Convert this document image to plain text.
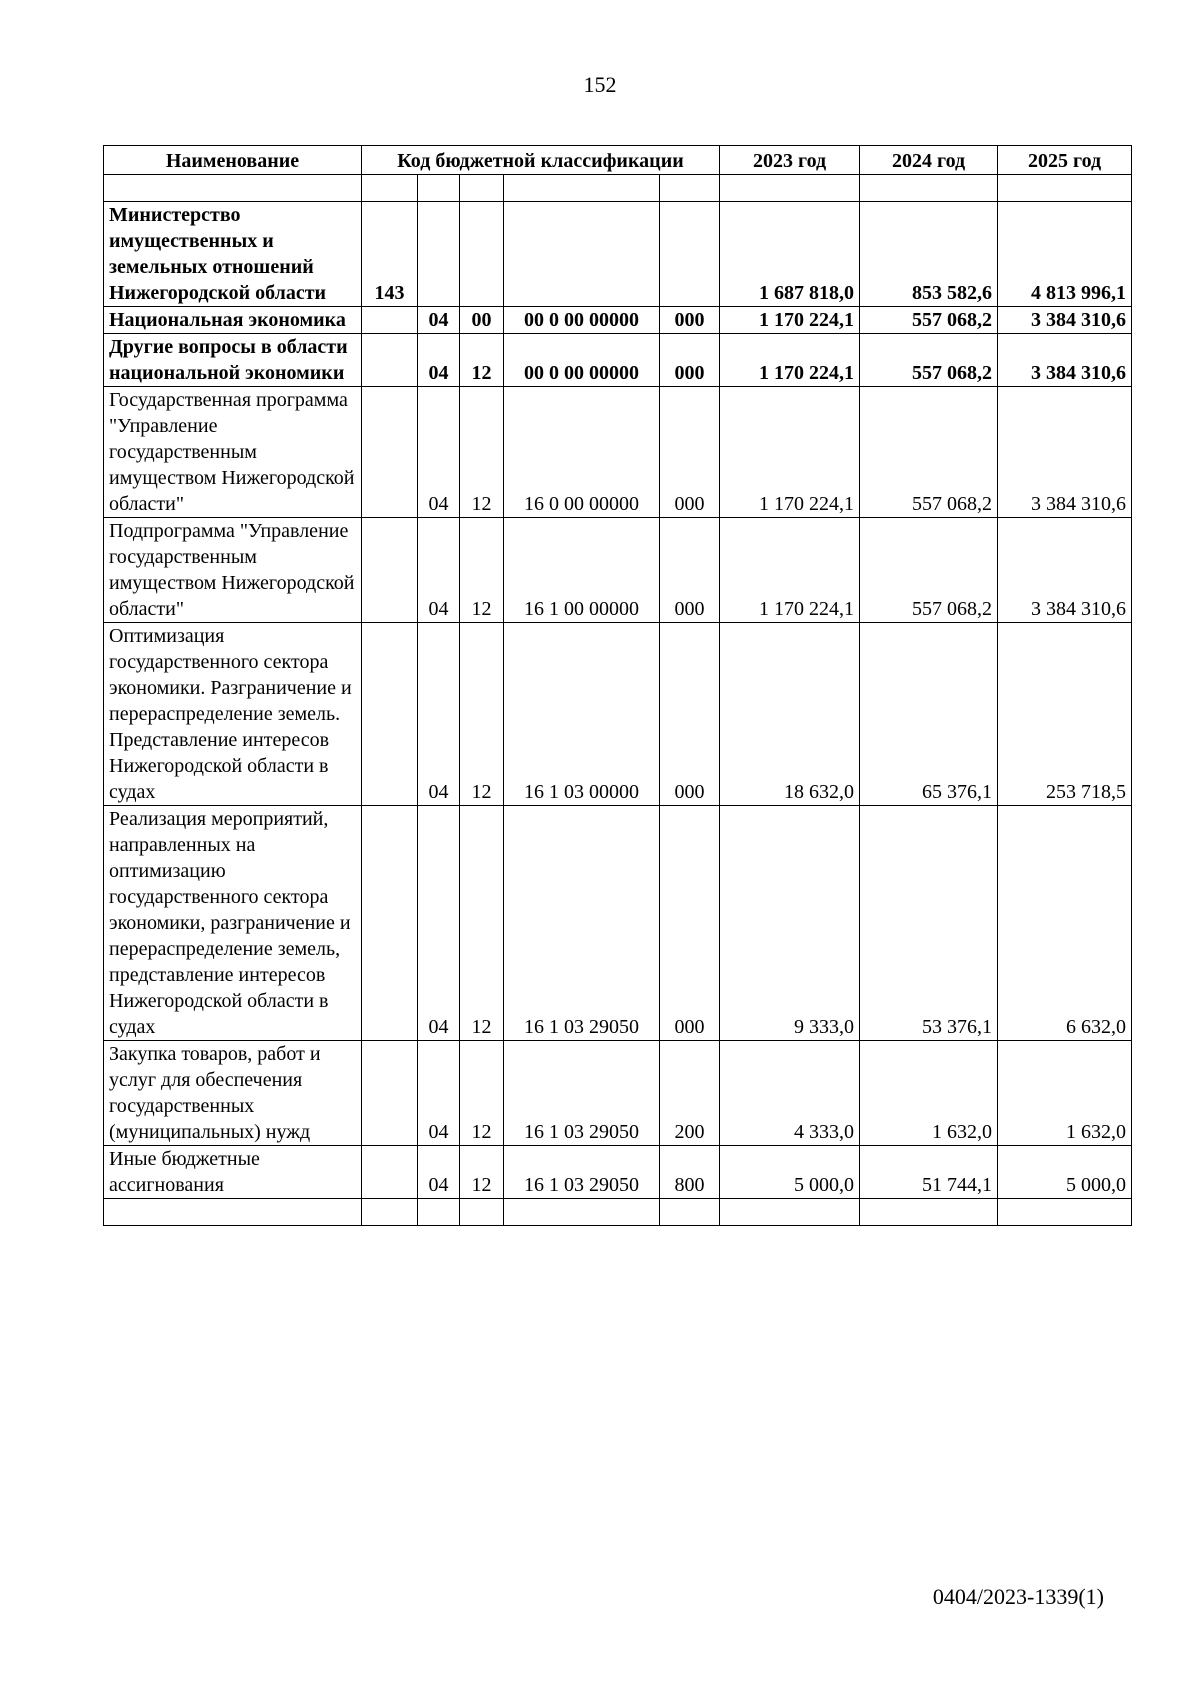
152
Наименование	Код бюджетной классификации					2023 год	2024 год	2025 год

Министерство имущественных и земельных отношений Нижегородской области	143					1 687 818,0	853 582,6	4 813 996,1
Национальная экономика		04	00	00 0 00 00000	000	1 170 224,1	557 068,2	3 384 310,6
Другие вопросы в области национальной экономики		04	12	00 0 00 00000	000	1 170 224,1	557 068,2	3 384 310,6
Государственная программа "Управление государственным имуществом Нижегородской области"		04	12	16 0 00 00000	000	1 170 224,1	557 068,2	3 384 310,6
Подпрограмма "Управление государственным имуществом Нижегородской области"		04	12	16 1 00 00000	000	1 170 224,1	557 068,2	3 384 310,6
Оптимизация государственного сектора экономики. Разграничение и перераспределение земель. Представление интересов Нижегородской области в судах		04	12	16 1 03 00000	000	18 632,0	65 376,1	253 718,5
Реализация мероприятий, направленных на оптимизацию государственного сектора экономики, разграничение и перераспределение земель, представление интересов Нижегородской области в судах		04	12	16 1 03 29050	000	9 333,0	53 376,1	6 632,0
Закупка товаров, работ и услуг для обеспечения государственных (муниципальных) нужд		04	12	16 1 03 29050	200	4 333,0	1 632,0	1 632,0
Иные бюджетные ассигнования		04	12	16 1 03 29050	800	5 000,0	51 744,1	5 000,0

0404/2023-1339(1)
